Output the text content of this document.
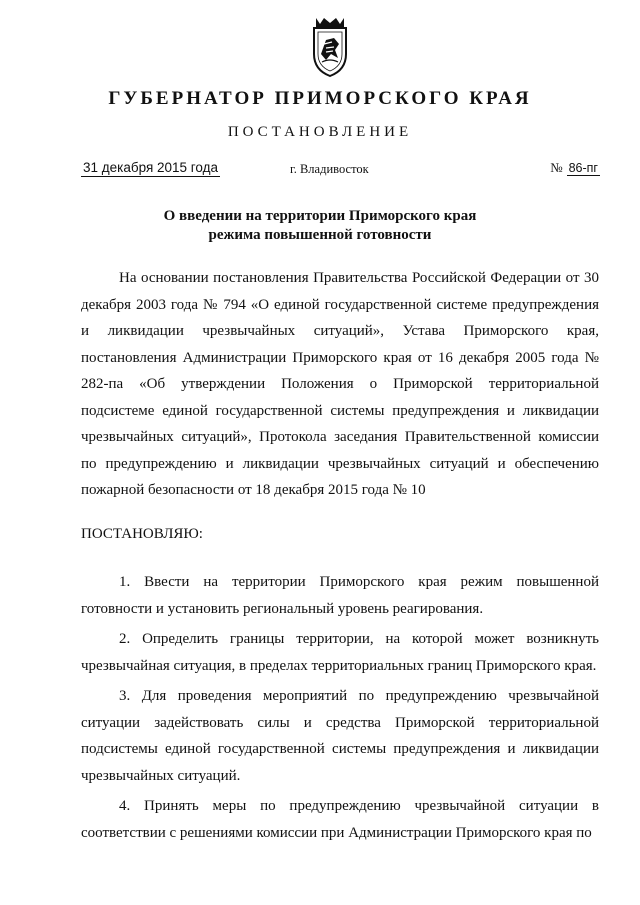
ГУБЕРНАТОР ПРИМОРСКОГО КРАЯ
ПОСТАНОВЛЕНИЕ
31 декабря 2015 года	г. Владивосток	№ 86-пг
О введении на территории Приморского края
режима повышенной готовности
На основании постановления Правительства Российской Федерации от 30 декабря 2003 года № 794 «О единой государственной системе предупреждения и ликвидации чрезвычайных ситуаций», Устава Приморского края, постановления Администрации Приморского края от 16 декабря 2005 года № 282-па «Об утверждении Положения о Приморской территориальной подсистеме единой государственной системы предупреждения и ликвидации чрезвычайных ситуаций», Протокола заседания Правительственной комиссии по предупреждению и ликвидации чрезвычайных ситуаций и обеспечению пожарной безопасности от 18 декабря 2015 года № 10
ПОСТАНОВЛЯЮ:

1. Ввести на территории Приморского края режим повышенной готовности и установить региональный уровень реагирования.

2. Определить границы территории, на которой может возникнуть чрезвычайная ситуация, в пределах территориальных границ Приморского края.

3. Для проведения мероприятий по предупреждению чрезвычайной ситуации задействовать силы и средства Приморской территориальной подсистемы единой государственной системы предупреждения и ликвидации чрезвычайных ситуаций.

4. Принять меры по предупреждению чрезвычайной ситуации в соответствии с решениями комиссии при Администрации Приморского края по
